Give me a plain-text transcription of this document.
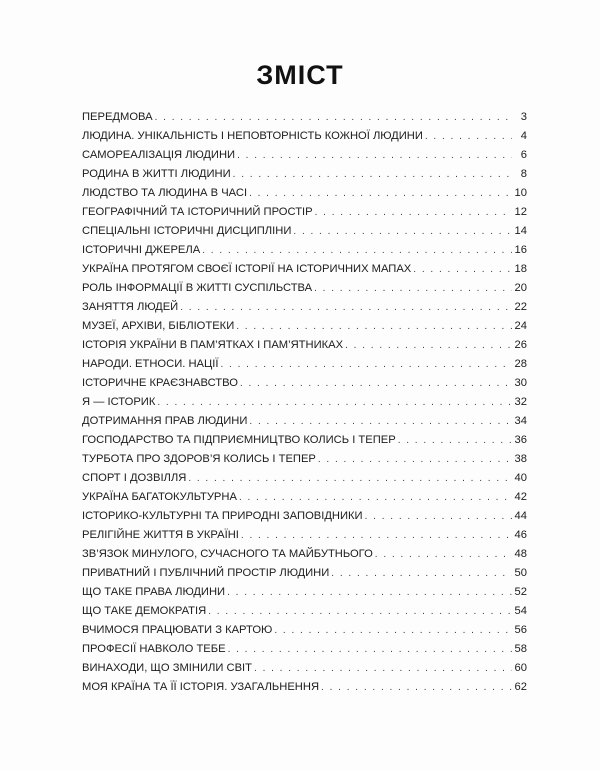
ЗМІСТ
ПЕРЕДМОВА . . .	3
ЛЮДИНА. УНІКАЛЬНІСТЬ І НЕПОВТОРНІСТЬ КОЖНОЇ ЛЮДИНИ . . .	4
САМОРЕАЛІЗАЦІЯ ЛЮДИНИ . . .	6
РОДИНА В ЖИТТІ ЛЮДИНИ . . .	8
ЛЮДСТВО ТА ЛЮДИНА В ЧАСІ . . .	10
ГЕОГРАФІЧНИЙ ТА ІСТОРИЧНИЙ ПРОСТІР . . .	12
СПЕЦІАЛЬНІ ІСТОРИЧНІ ДИСЦИПЛІНИ . . .	14
ІСТОРИЧНІ ДЖЕРЕЛА . . .	16
УКРАЇНА ПРОТЯГОМ СВОЄЇ ІСТОРІЇ НА ІСТОРИЧНИХ МАПАХ . . .	18
РОЛЬ ІНФОРМАЦІЇ В ЖИТТІ СУСПІЛЬСТВА . . .	20
ЗАНЯТТЯ ЛЮДЕЙ . . .	22
МУЗЕЇ, АРХІВИ, БІБЛІОТЕКИ . . .	24
ІСТОРІЯ УКРАЇНИ В ПАМ’ЯТКАХ І ПАМ’ЯТНИКАХ . . .	26
НАРОДИ. ЕТНОСИ. НАЦІЇ . . .	28
ІСТОРИЧНЕ КРАЄЗНАВСТВО . . .	30
Я — ІСТОРИК . . .	32
ДОТРИМАННЯ ПРАВ ЛЮДИНИ . . .	34
ГОСПОДАРСТВО ТА ПІДПРИЄМНИЦТВО КОЛИСЬ І ТЕПЕР . . .	36
ТУРБОТА ПРО ЗДОРОВ’Я КОЛИСЬ І ТЕПЕР . . .	38
СПОРТ І ДОЗВІЛЛЯ . . .	40
УКРАЇНА БАГАТОКУЛЬТУРНА . . .	42
ІСТОРИКО-КУЛЬТУРНІ ТА ПРИРОДНІ ЗАПОВІДНИКИ . . .	44
РЕЛІГІЙНЕ ЖИТТЯ В УКРАЇНІ . . .	46
ЗВ’ЯЗОК МИНУЛОГО, СУЧАСНОГО ТА МАЙБУТНЬОГО . . .	48
ПРИВАТНИЙ І ПУБЛІЧНИЙ ПРОСТІР ЛЮДИНИ . . .	50
ЩО ТАКЕ ПРАВА ЛЮДИНИ . . .	52
ЩО ТАКЕ ДЕМОКРАТІЯ . . .	54
ВЧИМОСЯ ПРАЦЮВАТИ З КАРТОЮ . . .	56
ПРОФЕСІЇ НАВКОЛО ТЕБЕ . . .	58
ВИНАХОДИ, ЩО ЗМІНИЛИ СВІТ . . .	60
МОЯ КРАЇНА ТА ЇЇ ІСТОРІЯ. УЗАГАЛЬНЕННЯ . . .	62
